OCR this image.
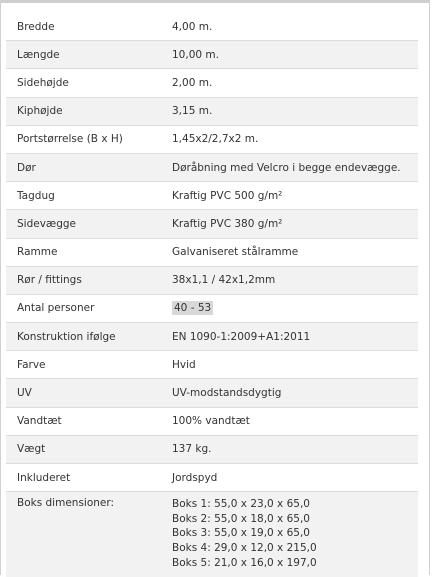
Bredde	4,00 m.
Længde	10,00 m.
Sidehøjde	2,00 m.
Kiphøjde	3,15 m.
Portstørrelse (B x H)	1,45x2/2,7x2 m.
Dør	Døråbning med Velcro i begge endevægge.
Tagdug	Kraftig PVC 500 g/m²
Sidevægge	Kraftig PVC 380 g/m²
Ramme	Galvaniseret stålramme
Rør / fittings	38x1,1 / 42x1,2mm
Antal personer	40 - 53
Konstruktion ifølge	EN 1090-1:2009+A1:2011
Farve	Hvid
UV	UV-modstandsdygtig
Vandtæt	100% vandtæt
Vægt	137 kg.
Inkluderet	Jordspyd
Boks dimensioner:	Boks 1: 55,0 x 23,0 x 65,0
Boks 2: 55,0 x 18,0 x 65,0
Boks 3: 55,0 x 19,0 x 65,0
Boks 4: 29,0 x 12,0 x 215,0
Boks 5: 21,0 x 16,0 x 197,0
